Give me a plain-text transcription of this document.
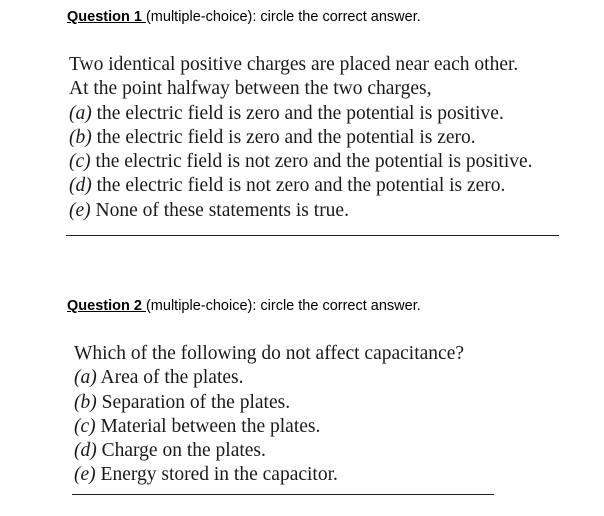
Question 1 (multiple-choice): circle the correct answer.
Two identical positive charges are placed near each other.
At the point halfway between the two charges,
(a) the electric field is zero and the potential is positive.
(b) the electric field is zero and the potential is zero.
(c) the electric field is not zero and the potential is positive.
(d) the electric field is not zero and the potential is zero.
(e) None of these statements is true.
Question 2 (multiple-choice): circle the correct answer.
Which of the following do not affect capacitance?
(a) Area of the plates.
(b) Separation of the plates.
(c) Material between the plates.
(d) Charge on the plates.
(e) Energy stored in the capacitor.
